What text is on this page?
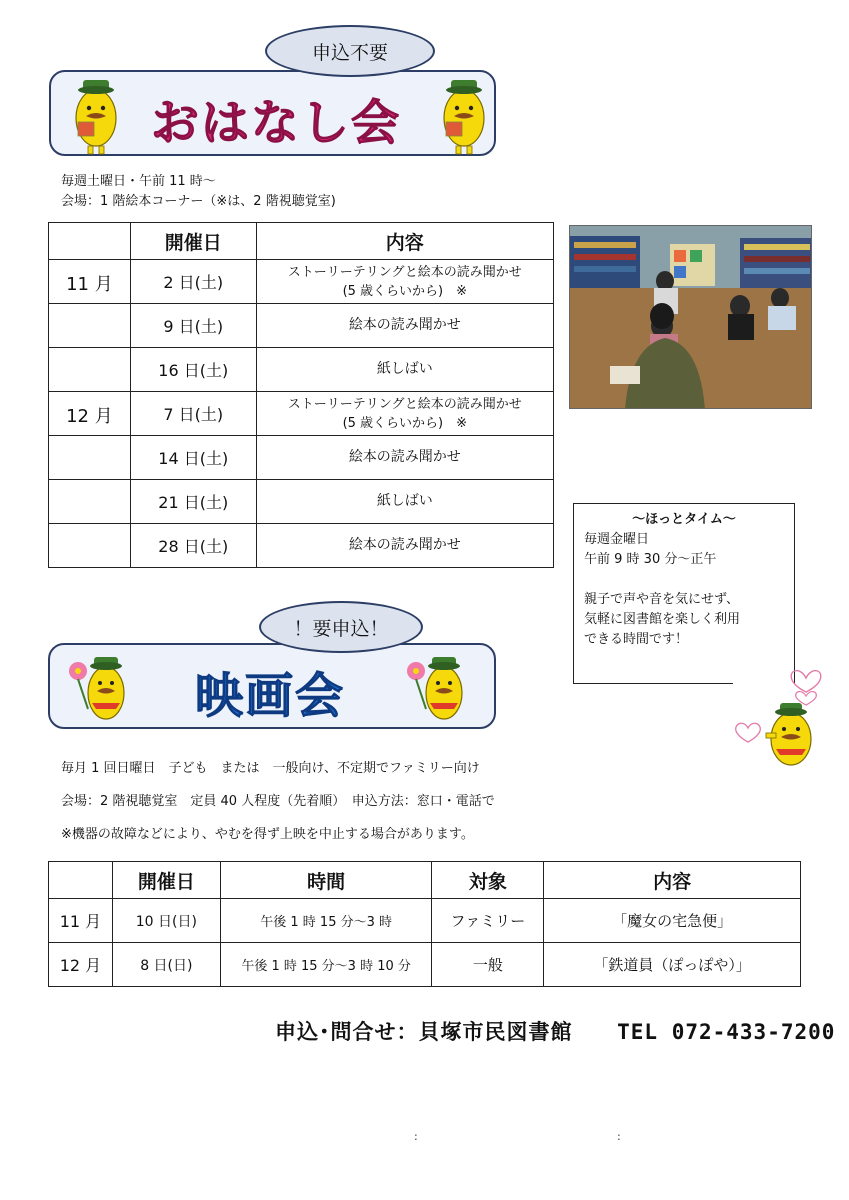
申込不要
おはなし会
毎週土曜日・午前 11 時～
会場：1 階絵本コーナー（※は、2 階視聴覚室)
	開催日	内容
11 月	2 日(土)	ストーリーテリングと絵本の読み聞かせ
(5 歳くらいから)　※

	9 日(土)	絵本の読み聞かせ
	16 日(土)	紙しばい
12 月	7 日(土)	ストーリーテリングと絵本の読み聞かせ
(5 歳くらいから)　※

	14 日(土)	絵本の読み聞かせ
	21 日(土)	紙しばい
	28 日(土)	絵本の読み聞かせ
～ほっとタイム～
毎週金曜日
午前 9 時 30 分～正午
親子で声や音を気にせず、
気軽に図書館を楽しく利用
できる時間です！
！要申込！
映画会
毎月 1 回日曜日　子ども　または　一般向け、不定期でファミリー向け
会場：2 階視聴覚室　定員 40 人程度（先着順）　申込方法：窓口・電話で
※機器の故障などにより、やむを得ず上映を中止する場合があります。
	開催日	時間	対象	内容
11 月	10 日(日)	午後 1 時 15 分～3 時	ファミリー	「魔女の宅急便」
12 月	8 日(日)	午後 1 時 15 分～3 時 10 分	一般	「鉄道員（ぽっぽや）」
申込･問合せ：貝塚市民図書館 TEL 072-433-7200
:	:
